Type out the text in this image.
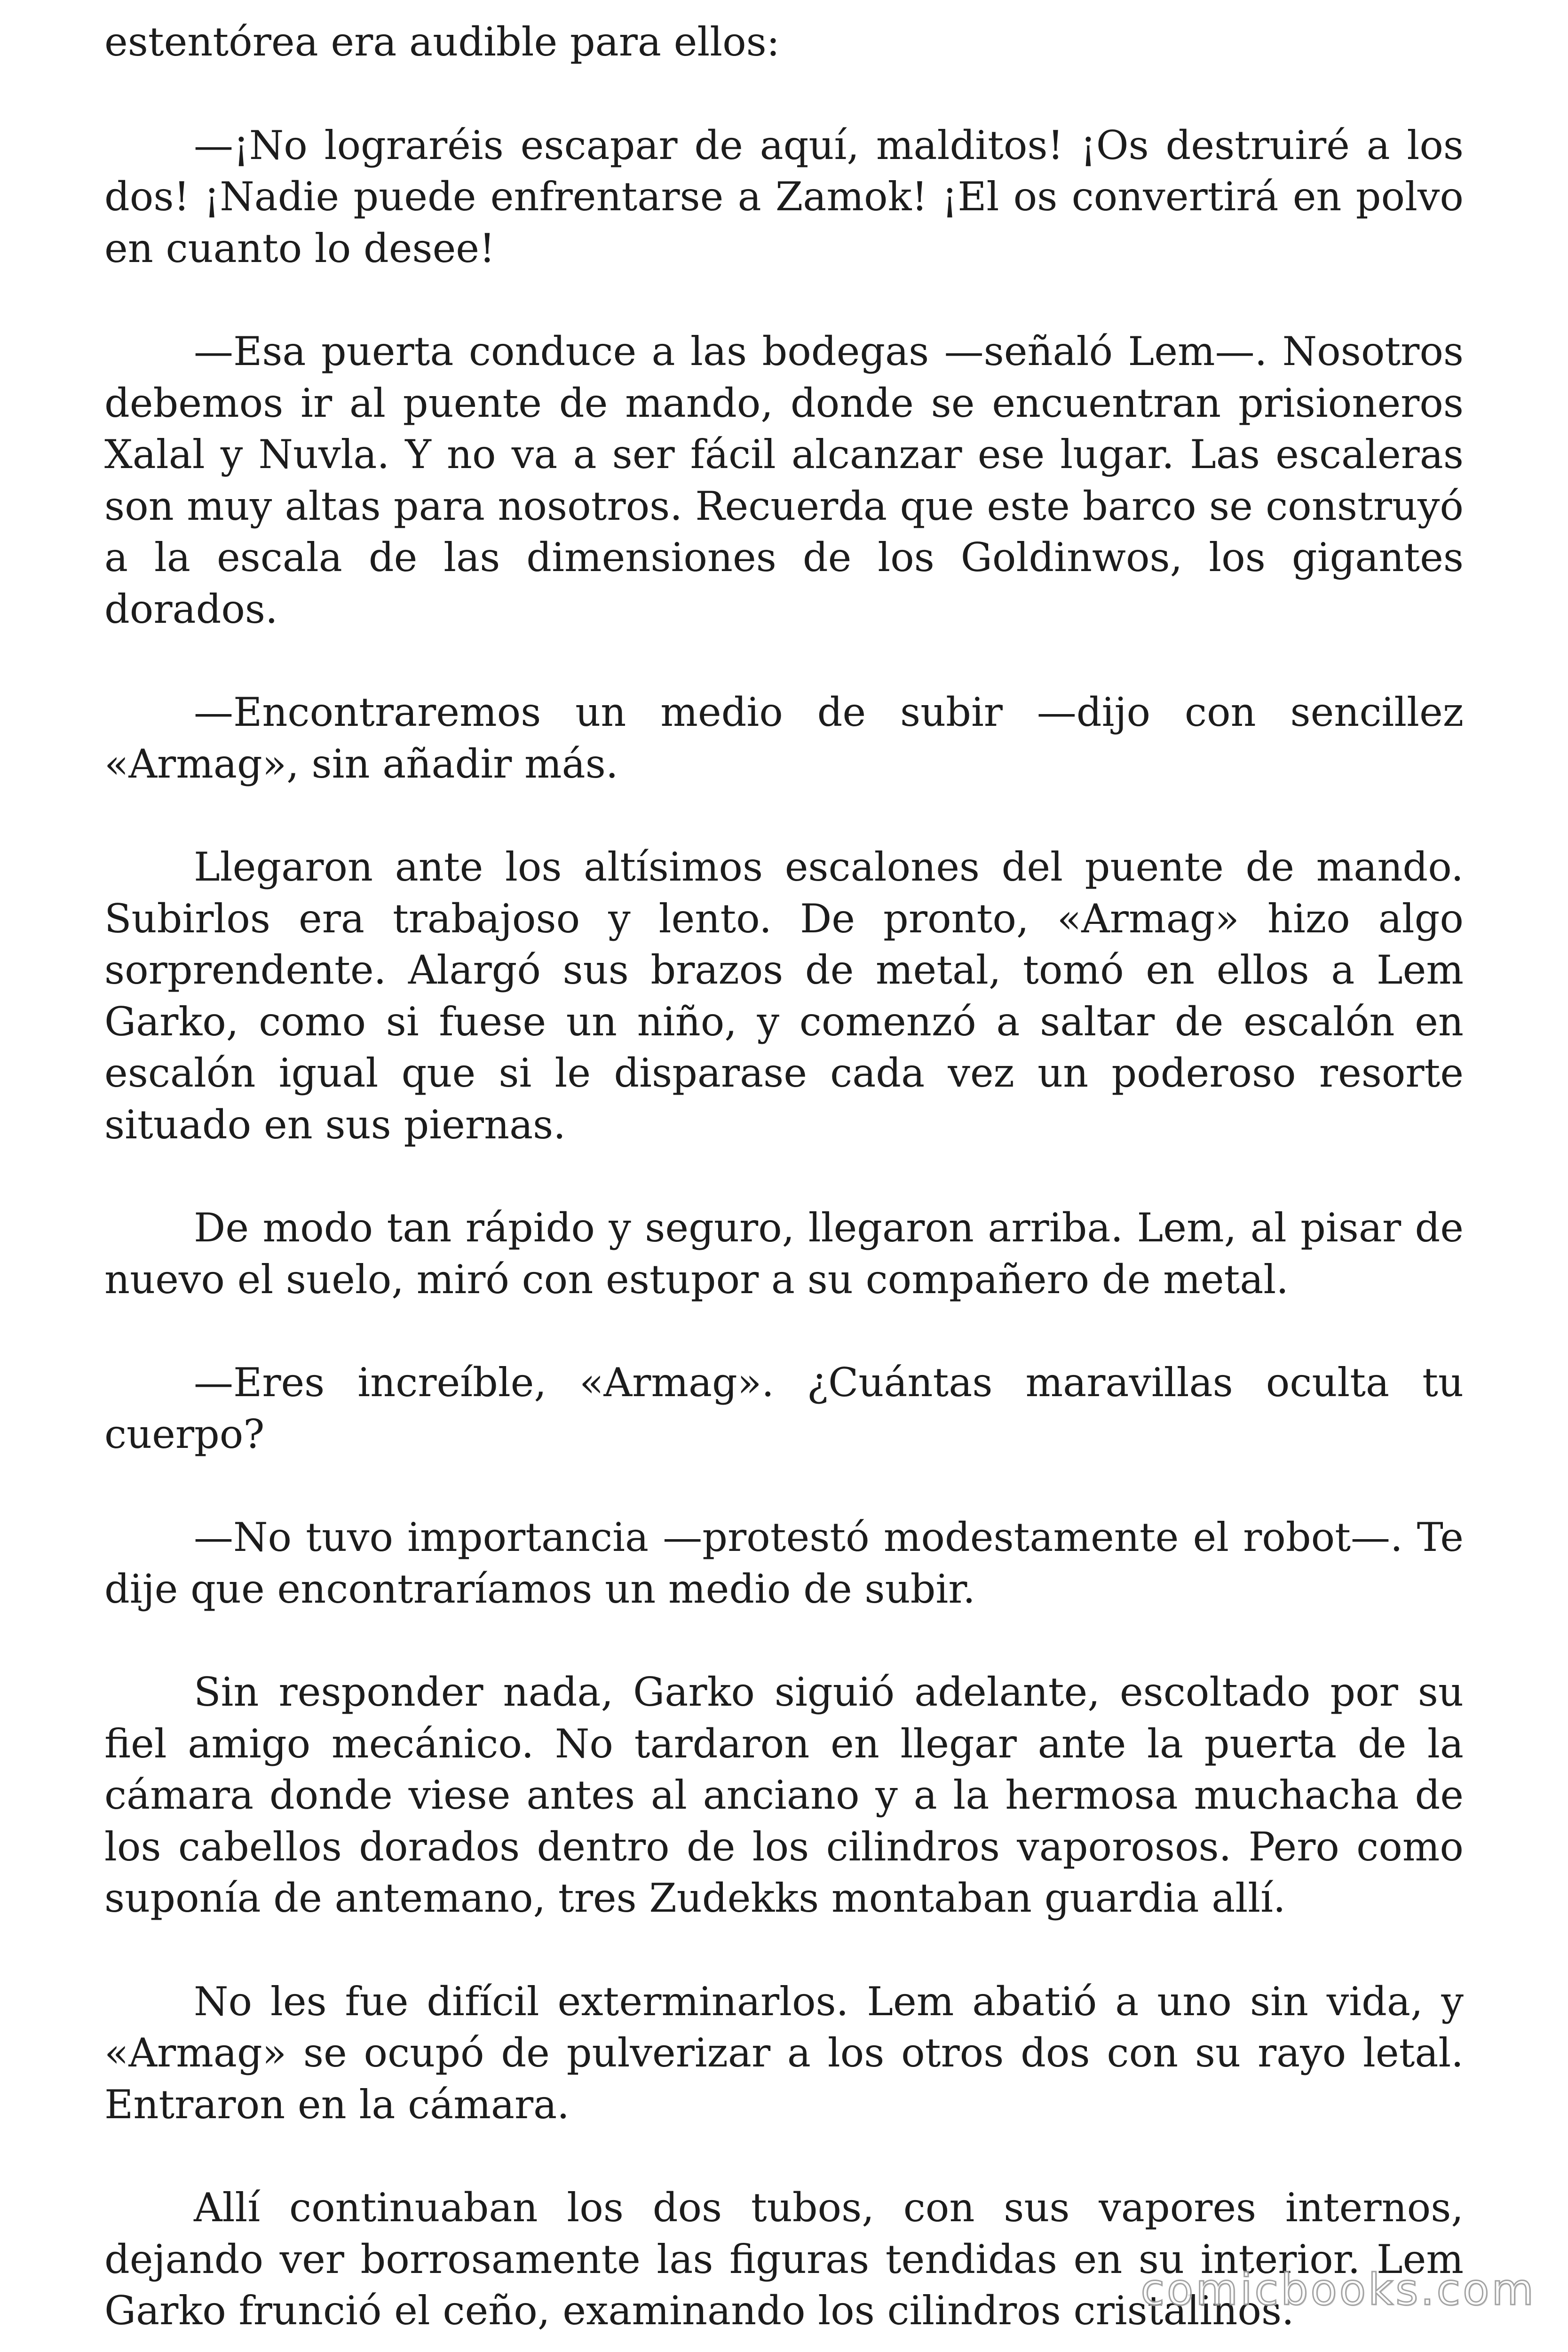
estentórea era audible para ellos:

—¡No lograréis escapar de aquí, malditos! ¡Os destruiré a los dos! ¡Nadie puede enfrentarse a Zamok! ¡El os convertirá en polvo en cuanto lo desee!

—Esa puerta conduce a las bodegas —señaló Lem—. Nosotros debemos ir al puente de mando, donde se encuentran prisioneros Xalal y Nuvla. Y no va a ser fácil alcanzar ese lugar. Las escaleras son muy altas para nosotros. Recuerda que este barco se construyó a la escala de las dimensiones de los Goldinwos, los gigantes dorados.

—Encontraremos un medio de subir —dijo con sencillez «Armag», sin añadir más.

Llegaron ante los altísimos escalones del puente de mando. Subirlos era trabajoso y lento. De pronto, «Armag» hizo algo sorprendente. Alargó sus brazos de metal, tomó en ellos a Lem Garko, como si fuese un niño, y comenzó a saltar de escalón en escalón igual que si le disparase cada vez un poderoso resorte situado en sus piernas.

De modo tan rápido y seguro, llegaron arriba. Lem, al pisar de nuevo el suelo, miró con estupor a su compañero de metal.

—Eres increíble, «Armag». ¿Cuántas maravillas oculta tu cuerpo?

—No tuvo importancia —protestó modestamente el robot—. Te dije que encontraríamos un medio de subir.

Sin responder nada, Garko siguió adelante, escoltado por su fiel amigo mecánico. No tardaron en llegar ante la puerta de la cámara donde viese antes al anciano y a la hermosa muchacha de los cabellos dorados dentro de los cilindros vaporosos. Pero como suponía de antemano, tres Zudekks montaban guardia allí.

No les fue difícil exterminarlos. Lem abatió a uno sin vida, y «Armag» se ocupó de pulverizar a los otros dos con su rayo letal. Entraron en la cámara.

Allí continuaban los dos tubos, con sus vapores internos, dejando ver borrosamente las figuras tendidas en su interior. Lem Garko frunció el ceño, examinando los cilindros cristalinos.

comicbooks.com
